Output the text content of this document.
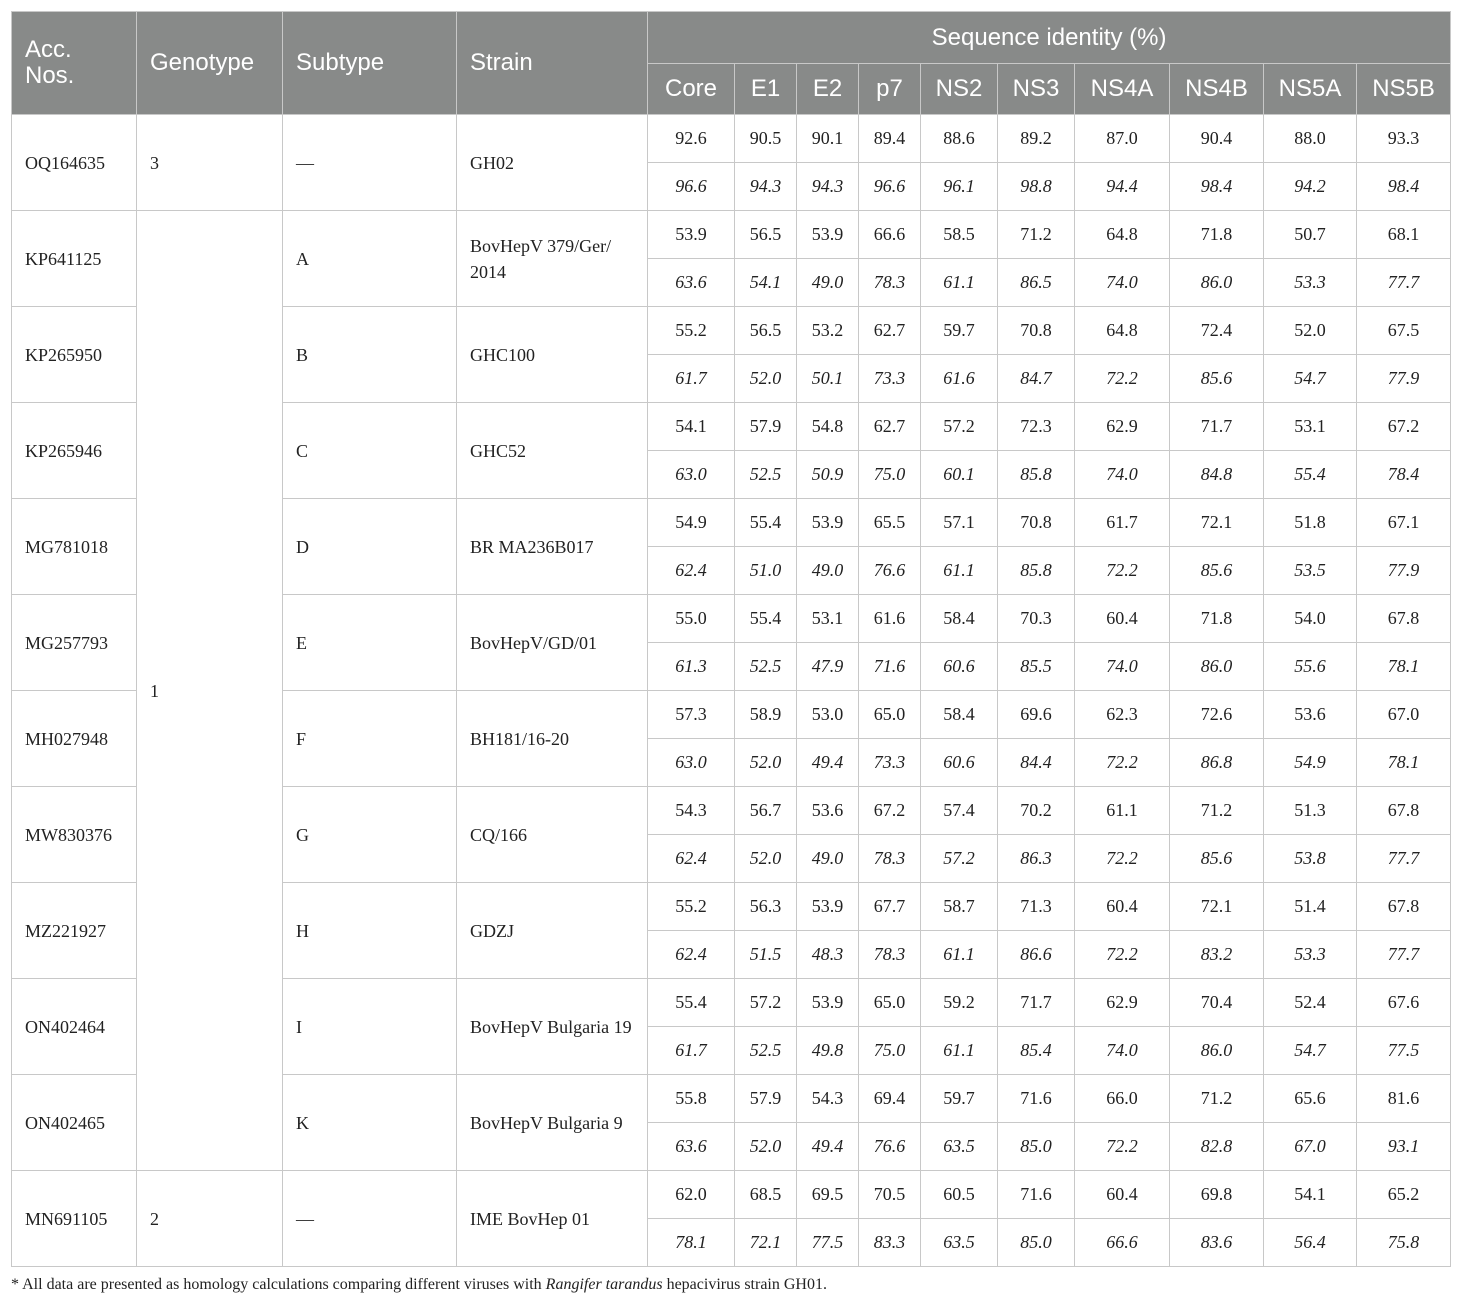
Acc. Nos.	Genotype	Subtype	Strain	Sequence identity (%)									
				Core	E1	E2	p7	NS2	NS3	NS4A	NS4B	NS5A	NS5B
OQ164635	3	—	GH02	92.6	90.5	90.1	89.4	88.6	89.2	87.0	90.4	88.0	93.3
				96.6	94.3	94.3	96.6	96.1	98.8	94.4	98.4	94.2	98.4
KP641125	1	A	BovHepV 379/Ger/ 2014	53.9	56.5	53.9	66.6	58.5	71.2	64.8	71.8	50.7	68.1
				63.6	54.1	49.0	78.3	61.1	86.5	74.0	86.0	53.3	77.7
KP265950		B	GHC100	55.2	56.5	53.2	62.7	59.7	70.8	64.8	72.4	52.0	67.5
				61.7	52.0	50.1	73.3	61.6	84.7	72.2	85.6	54.7	77.9
KP265946		C	GHC52	54.1	57.9	54.8	62.7	57.2	72.3	62.9	71.7	53.1	67.2
				63.0	52.5	50.9	75.0	60.1	85.8	74.0	84.8	55.4	78.4
MG781018		D	BR MA236B017	54.9	55.4	53.9	65.5	57.1	70.8	61.7	72.1	51.8	67.1
				62.4	51.0	49.0	76.6	61.1	85.8	72.2	85.6	53.5	77.9
MG257793		E	BovHepV/GD/01	55.0	55.4	53.1	61.6	58.4	70.3	60.4	71.8	54.0	67.8
				61.3	52.5	47.9	71.6	60.6	85.5	74.0	86.0	55.6	78.1
MH027948		F	BH181/16-20	57.3	58.9	53.0	65.0	58.4	69.6	62.3	72.6	53.6	67.0
				63.0	52.0	49.4	73.3	60.6	84.4	72.2	86.8	54.9	78.1
MW830376		G	CQ/166	54.3	56.7	53.6	67.2	57.4	70.2	61.1	71.2	51.3	67.8
				62.4	52.0	49.0	78.3	57.2	86.3	72.2	85.6	53.8	77.7
MZ221927		H	GDZJ	55.2	56.3	53.9	67.7	58.7	71.3	60.4	72.1	51.4	67.8
				62.4	51.5	48.3	78.3	61.1	86.6	72.2	83.2	53.3	77.7
ON402464		I	BovHepV Bulgaria 19	55.4	57.2	53.9	65.0	59.2	71.7	62.9	70.4	52.4	67.6
				61.7	52.5	49.8	75.0	61.1	85.4	74.0	86.0	54.7	77.5
ON402465		K	BovHepV Bulgaria 9	55.8	57.9	54.3	69.4	59.7	71.6	66.0	71.2	65.6	81.6
				63.6	52.0	49.4	76.6	63.5	85.0	72.2	82.8	67.0	93.1
MN691105	2	—	IME BovHep 01	62.0	68.5	69.5	70.5	60.5	71.6	60.4	69.8	54.1	65.2
				78.1	72.1	77.5	83.3	63.5	85.0	66.6	83.6	56.4	75.8
* All data are presented as homology calculations comparing different viruses with Rangifer tarandus hepacivirus strain GH01.
